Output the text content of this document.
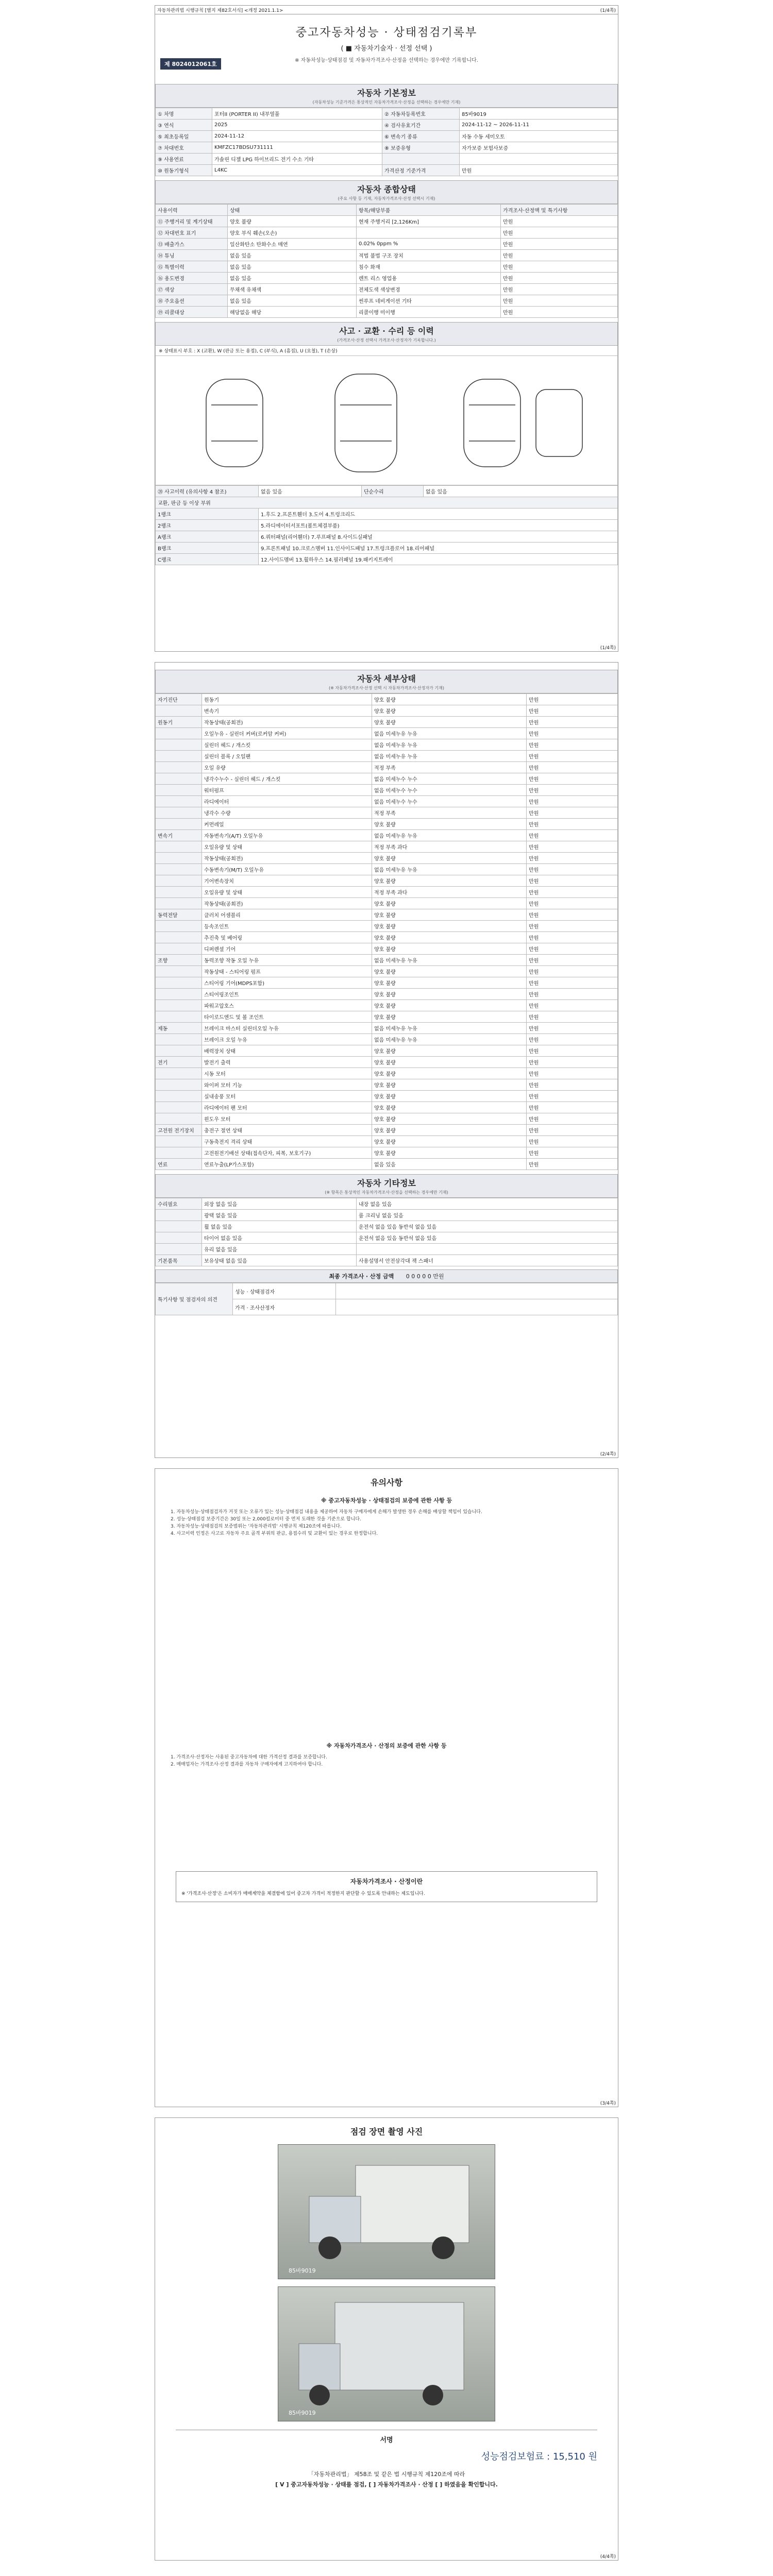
자동차관리법 시행규칙 [별지 제82호서식] <개정 2021.1.1>	(1/4쪽)
중고자동차성능 · 상태점검기록부
( ■ 자동차기술자 · 선정 선택 )
※ 자동차성능·상태점검 및 자동차가격조사·산정을 선택하는 경우에만 기록합니다.
제 8024012061호
자동차 기본정보
(자동차성능 기준가격은 통상적인 자동차가격조사·산정을 선택하는 경우에만 기재)
① 차명	포터II (PORTER II) 내부열풀	② 자동차등록번호	85바9019
③ 연식	2025	④ 검사유효기간	2024-11-12 ~ 2026-11-11
⑤ 최초등록일	2024-11-12	⑥ 변속기 종류	자동 수동 세미오토
⑦ 차대번호	KMFZC17BDSU731111	⑧ 보증유형	자가보증 보험사보증
⑨ 사용연료	가솔린 디젤 LPG 하이브리드 전기 수소 기타		
⑩ 원동기형식	L4KC	가격산정 기준가격	만원
자동차 종합상태
(주요 사항 등 기재, 자동차가격조사·산정 선택시 기재)
사용이력	상태	항목/해당부품	가격조사·산정액 및 특기사항
⑪ 주행거리 및 계기상태	양호 불량	현재 주행거리 [2,126Km]	만원
⑫ 차대번호 표기	양호 부식 훼손(오손)		만원
⑬ 배출가스	일산화탄소 탄화수소 매연	0.02% 0ppm %	만원
⑭ 튜닝	없음 있음	적법 불법 구조 장치	만원
⑮ 특별이력	없음 있음	침수 화재	만원
⑯ 용도변경	없음 있음	렌트 리스 영업용	만원
⑰ 색상	무채색 유채색	전체도색 색상변경	만원
⑱ 주요옵션	없음 있음	썬루프 네비게이션 기타	만원
⑲ 리콜대상	해당없음 해당	리콜이행 미이행	만원
사고 · 교환 · 수리 등 이력
(가격조사·산정 선택시 가격조사·산정자가 기록합니다.)
※ 상태표시 부호 : X (교환), W (판금 또는 용접), C (부식), A (흠집), U (요철), T (손상)
⑳ 사고이력 (유의사항 4 참조)	없음 있음	단순수리	없음 있음
교환, 판금 등 이상 부위			
1랭크	1.후드 2.프론트휀더 3.도어 4.트렁크리드		
2랭크	5.라디에이터서포트(볼트체결부품)		
A랭크	6.쿼터패널(리어휀더) 7.루프패널 8.사이드실패널		
B랭크	9.프론트패널 10.크로스멤버 11.인사이드패널 17.트렁크플로어 18.리어패널		
C랭크	12.사이드멤버 13.휠하우스 14.필러패널 19.패키지트레이		
(1/4쪽)
자동차 세부상태
(※ 자동차가격조사·산정 선택 시 자동차가격조사·산정자가 기재)
자기진단	원동기	양호 불량	만원
	변속기	양호 불량	만원
원동기	작동상태(공회전)	양호 불량	만원
	오일누유 - 실린더 커버(로커암 커버)	없음 미세누유 누유	만원
	실린더 헤드 / 개스킷	없음 미세누유 누유	만원
	실린더 블록 / 오일팬	없음 미세누유 누유	만원
	오일 유량	적정 부족	만원
	냉각수누수 - 실린더 헤드 / 개스킷	없음 미세누수 누수	만원
	워터펌프	없음 미세누수 누수	만원
	라디에이터	없음 미세누수 누수	만원
	냉각수 수량	적정 부족	만원
	커먼레일	양호 불량	만원
변속기	자동변속기(A/T) 오일누유	없음 미세누유 누유	만원
	오일유량 및 상태	적정 부족 과다	만원
	작동상태(공회전)	양호 불량	만원
	수동변속기(M/T) 오일누유	없음 미세누유 누유	만원
	기어변속장치	양호 불량	만원
	오일유량 및 상태	적정 부족 과다	만원
	작동상태(공회전)	양호 불량	만원
동력전달	클러치 어셈블리	양호 불량	만원
	등속조인트	양호 불량	만원
	추진축 및 베어링	양호 불량	만원
	디퍼렌셜 기어	양호 불량	만원
조향	동력조향 작동 오일 누유	없음 미세누유 누유	만원
	작동상태 - 스티어링 펌프	양호 불량	만원
	스티어링 기어(MDPS포함)	양호 불량	만원
	스티어링조인트	양호 불량	만원
	파워고압호스	양호 불량	만원
	타이로드엔드 및 볼 조인트	양호 불량	만원
제동	브레이크 마스터 실린더오일 누유	없음 미세누유 누유	만원
	브레이크 오일 누유	없음 미세누유 누유	만원
	배력장치 상태	양호 불량	만원
전기	발전기 출력	양호 불량	만원
	시동 모터	양호 불량	만원
	와이퍼 모터 기능	양호 불량	만원
	실내송풍 모터	양호 불량	만원
	라디에이터 팬 모터	양호 불량	만원
	윈도우 모터	양호 불량	만원
고전원 전기장치	충전구 절연 상태	양호 불량	만원
	구동축전지 격리 상태	양호 불량	만원
	고전원전기배선 상태(접속단자, 피복, 보호기구)	양호 불량	만원
연료	연료누출(LP가스포함)	없음 있음	만원
자동차 기타정보
(※ 항목은 통상적인 자동차가격조사·산정을 선택하는 경우에만 기재)
수리필요	외장 없음 있음	내장 없음 있음
	광택 없음 있음	룸 크리닝 없음 있음
	휠 없음 있음	운전석 없음 있음 동반석 없음 있음
	타이어 없음 있음	운전석 없음 있음 동반석 없음 있음
	유리 없음 있음	
기본품목	보유상태 없음 있음	사용설명서 안전삼각대 잭 스패너
최종 가격조사 · 산정 금액 0 0 0 0 0 만원
특기사항 및 점검자의 의견	성능 · 상태점검자	
	가격 · 조사산정자	
(2/4쪽)
유의사항
※ 중고자동차성능 · 상태점검의 보증에 관한 사항 등
1. 자동차성능·상태점검자가 거짓 또는 오류가 있는 성능·상태점검 내용을 제공하여 자동차 구매자에게 손해가 발생한 경우 손해를 배상할 책임이 있습니다.
2. 성능·상태점검 보증기간은 30일 또는 2,000킬로미터 중 먼저 도래한 것을 기준으로 합니다.
3. 자동차성능·상태점검의 보증범위는 '자동차관리법' 시행규칙 제120조에 따릅니다.
4. 사고이력 인정은 사고로 자동차 주요 골격 부위의 판금, 용접수리 및 교환이 있는 경우로 한정합니다.
※ 자동차가격조사 · 산정의 보증에 관한 사항 등
1. 가격조사·산정자는 사용된 중고자동차에 대한 가격산정 결과를 보증합니다.
2. 매매업자는 가격조사·산정 결과를 자동차 구매자에게 고지하여야 합니다.
자동차가격조사 · 산정이란
※ '가격조사·산정'은 소비자가 매매계약을 체결함에 있어 중고차 가격이 적정한지 판단할 수 있도록 안내하는 제도입니다.
(3/4쪽)
점검 장면 촬영 사진
85바9019
85바9019
서명
성능점검보험료 : 15,510 원
「자동차관리법」 제58조 및 같은 법 시행규칙 제120조에 따라
[ V ] 중고자동차성능 · 상태를 점검, [ ] 자동차가격조사 · 산정 [ ] 하였음을 확인합니다.
(4/4쪽)
